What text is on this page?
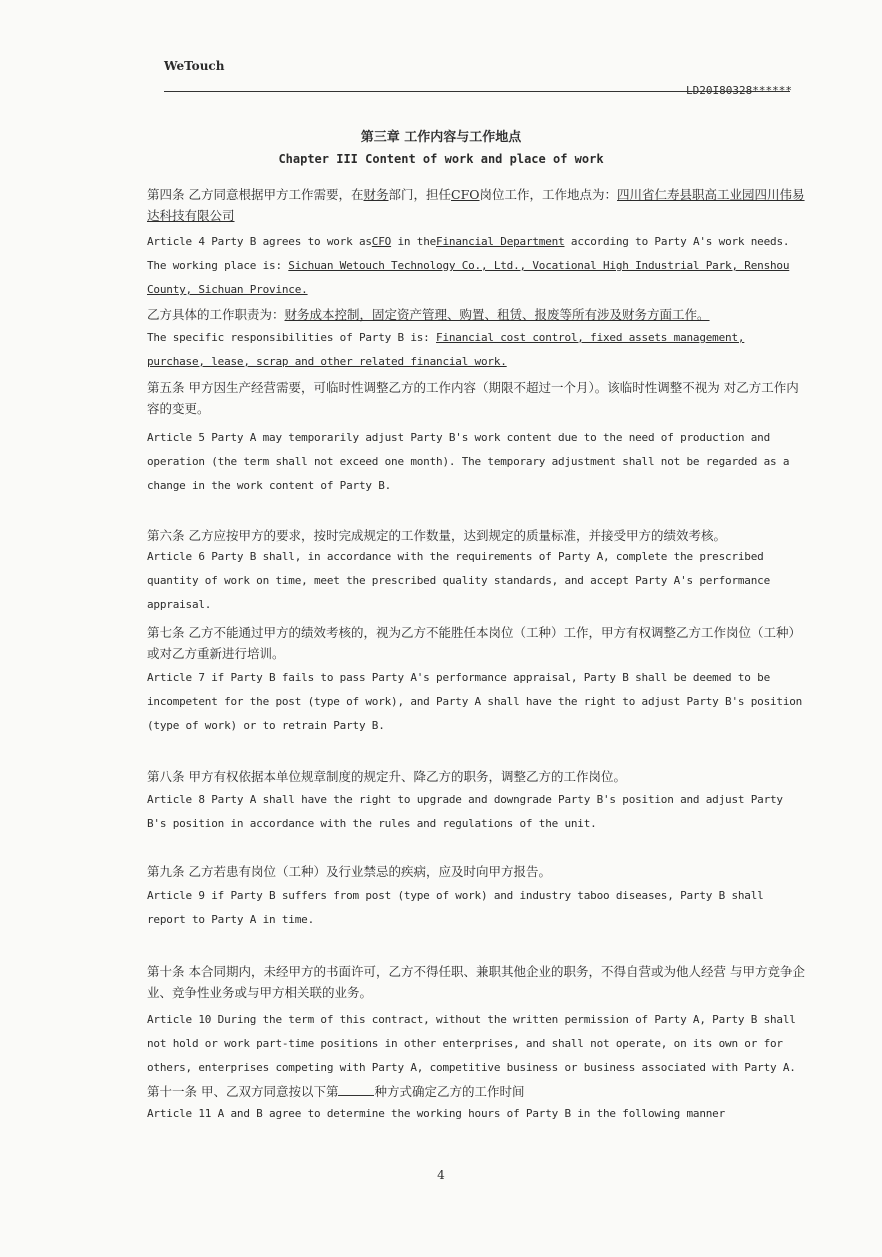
WeTouch
LD20I80328******
第三章 工作内容与工作地点
Chapter III Content of work and place of work
第四条 乙方同意根据甲方工作需要，在财务部门，担任CFO岗位工作，工作地点为：四川省仁寿县职高工业园四川伟易达科技有限公司
Article 4 Party B agrees to work asCFO in theFinancial Department according to Party A's work needs. The working place is: Sichuan Wetouch Technology Co., Ltd., Vocational High Industrial Park, Renshou County, Sichuan Province.
乙方具体的工作职责为：财务成本控制，固定资产管理、购置、租赁、报废等所有涉及财务方面工作。
The specific responsibilities of Party B is: Financial cost control, fixed assets management, purchase, lease, scrap and other related financial work.
第五条 甲方因生产经营需要，可临时性调整乙方的工作内容（期限不超过一个月）。该临时性调整不视为 对乙方工作内容的变更。
Article 5 Party A may temporarily adjust Party B's work content due to the need of production and operation (the term shall not exceed one month). The temporary adjustment shall not be regarded as a change in the work content of Party B.
第六条 乙方应按甲方的要求，按时完成规定的工作数量，达到规定的质量标准，并接受甲方的绩效考核。
Article 6 Party B shall, in accordance with the requirements of Party A, complete the prescribed quantity of work on time, meet the prescribed quality standards, and accept Party A's performance appraisal.
第七条 乙方不能通过甲方的绩效考核的，视为乙方不能胜任本岗位（工种）工作，甲方有权调整乙方工作岗位（工种）或对乙方重新进行培训。
Article 7 if Party B fails to pass Party A's performance appraisal, Party B shall be deemed to be incompetent for the post (type of work), and Party A shall have the right to adjust Party B's position (type of work) or to retrain Party B.
第八条 甲方有权依据本单位规章制度的规定升、降乙方的职务，调整乙方的工作岗位。
Article 8 Party A shall have the right to upgrade and downgrade Party B's position and adjust Party B's position in accordance with the rules and regulations of the unit.
第九条 乙方若患有岗位（工种）及行业禁忌的疾病，应及时向甲方报告。
Article 9 if Party B suffers from post (type of work) and industry taboo diseases, Party B shall report to Party A in time.
第十条 本合同期内，未经甲方的书面许可，乙方不得任职、兼职其他企业的职务，不得自营或为他人经营 与甲方竞争企业、竞争性业务或与甲方相关联的业务。
Article 10 During the term of this contract, without the written permission of Party A, Party B shall not hold or work part-time positions in other enterprises, and shall not operate, on its own or for others, enterprises competing with Party A, competitive business or business associated with Party A.
第十一条 甲、乙双方同意按以下第	种方式确定乙方的工作时间
Article 11 A and B agree to determine the working hours of Party B in the following manner
4
